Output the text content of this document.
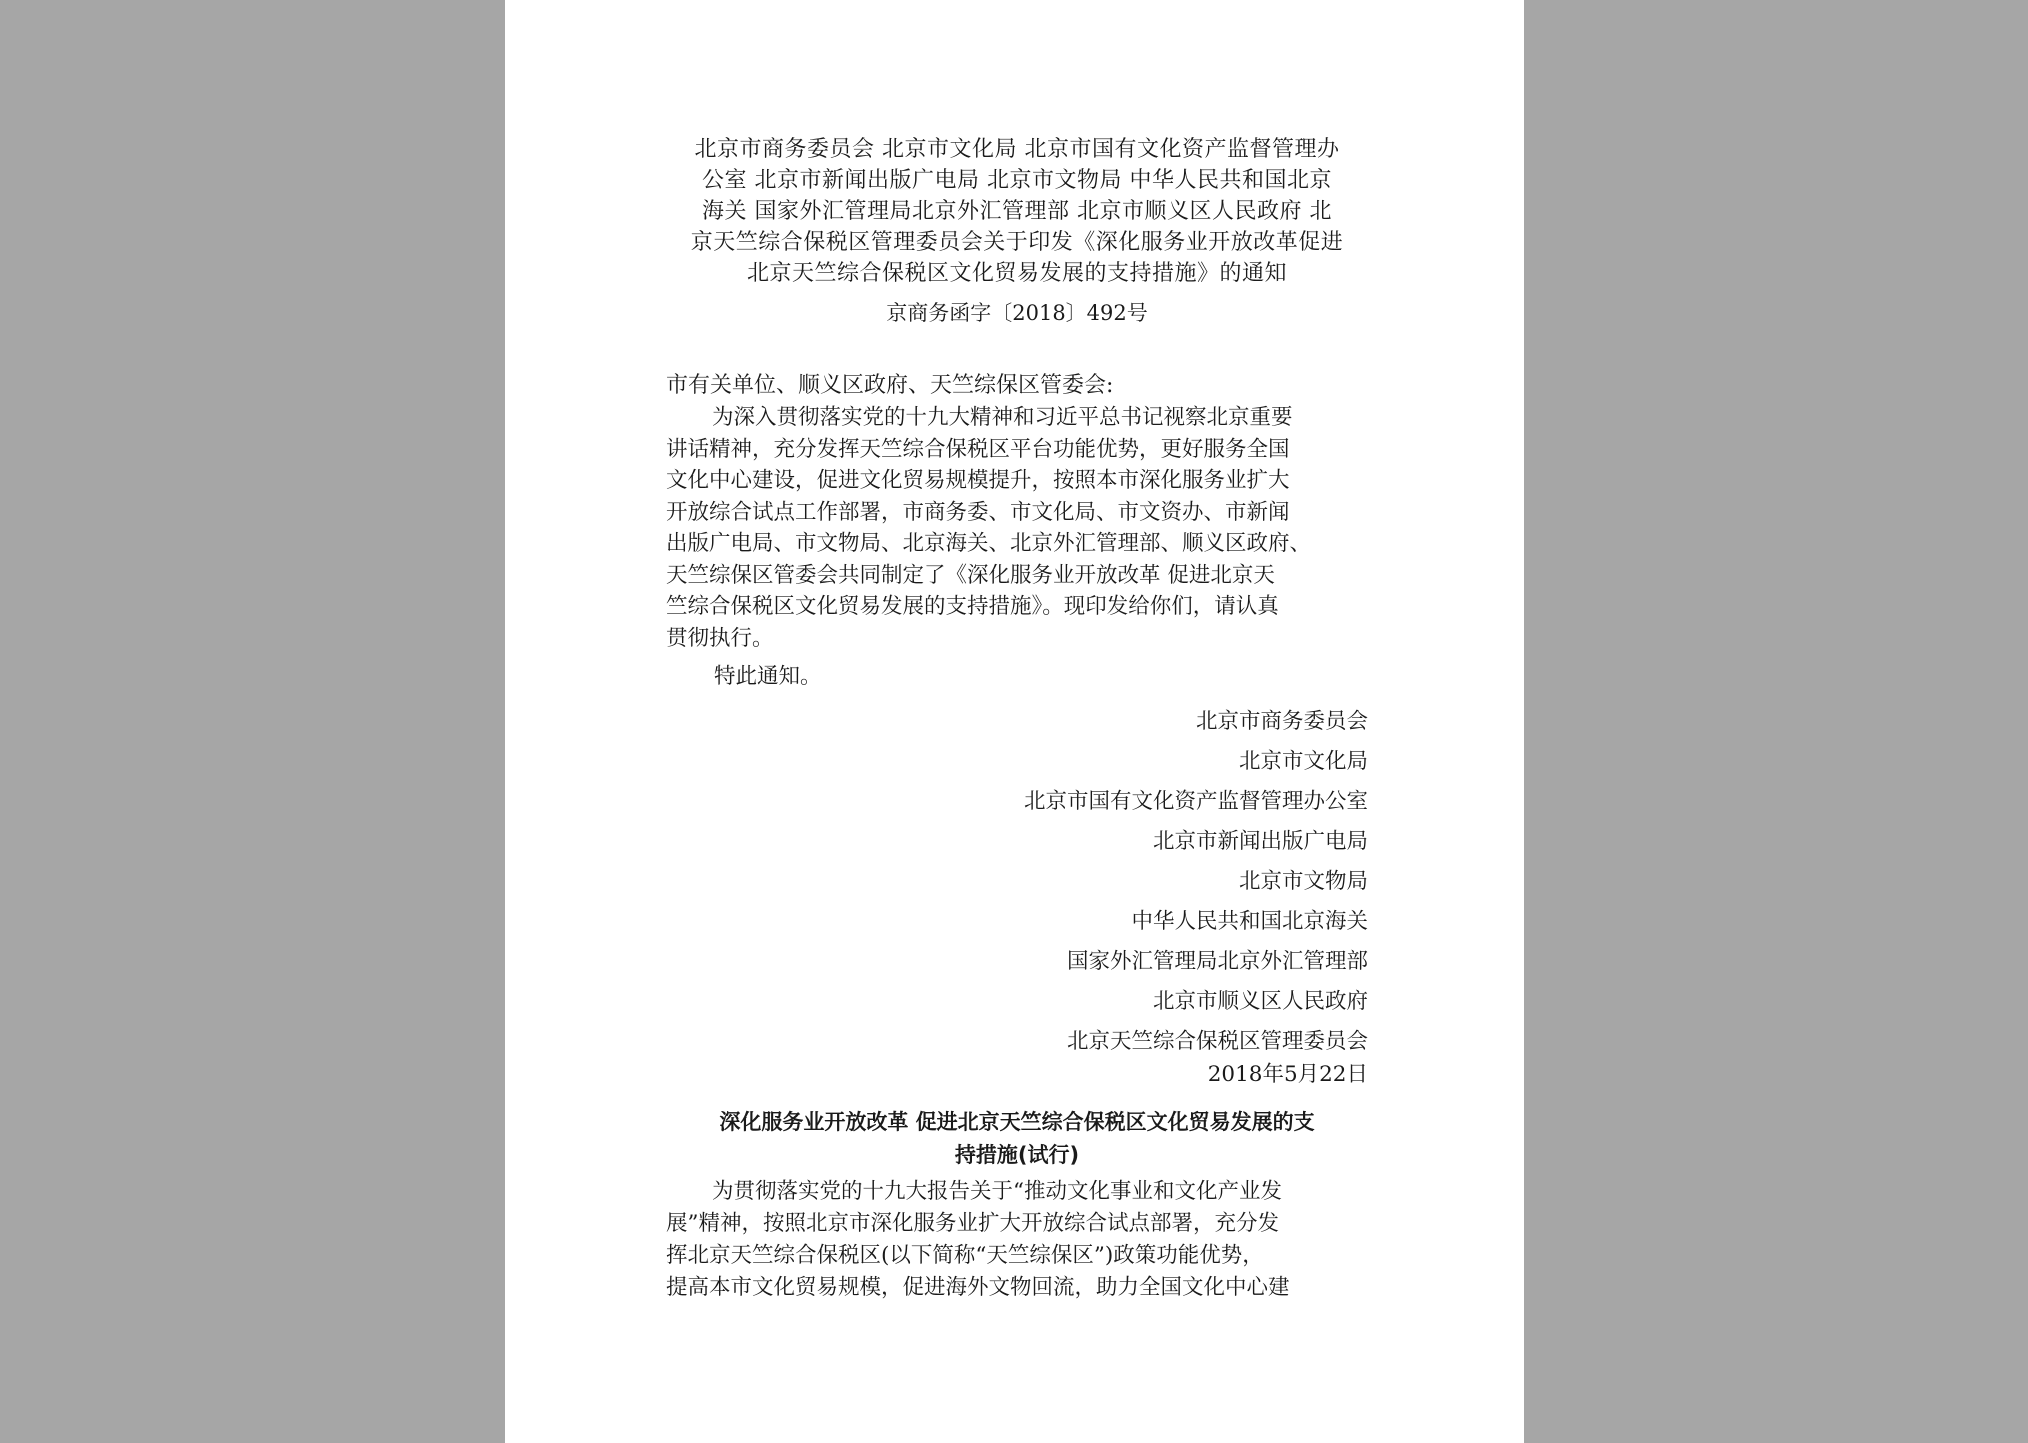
北京市商务委员会 北京市文化局 北京市国有文化资产监督管理办
公室 北京市新闻出版广电局 北京市文物局 中华人民共和国北京
海关 国家外汇管理局北京外汇管理部 北京市顺义区人民政府 北
京天竺综合保税区管理委员会关于印发《深化服务业开放改革促进
北京天竺综合保税区文化贸易发展的支持措施》的通知
京商务函字〔2018〕492号
市有关单位、顺义区政府、天竺综保区管委会:
为深入贯彻落实党的十九大精神和习近平总书记视察北京重要
讲话精神，充分发挥天竺综合保税区平台功能优势，更好服务全国
文化中心建设，促进文化贸易规模提升，按照本市深化服务业扩大
开放综合试点工作部署，市商务委、市文化局、市文资办、市新闻
出版广电局、市文物局、北京海关、北京外汇管理部、顺义区政府、
天竺综保区管委会共同制定了《深化服务业开放改革 促进北京天
竺综合保税区文化贸易发展的支持措施》。现印发给你们，请认真
贯彻执行。
特此通知。
北京市商务委员会
北京市文化局
北京市国有文化资产监督管理办公室
北京市新闻出版广电局
北京市文物局
中华人民共和国北京海关
国家外汇管理局北京外汇管理部
北京市顺义区人民政府
北京天竺综合保税区管理委员会
2018年5月22日
深化服务业开放改革 促进北京天竺综合保税区文化贸易发展的支
持措施(试行)
为贯彻落实党的十九大报告关于“推动文化事业和文化产业发
展”精神，按照北京市深化服务业扩大开放综合试点部署，充分发
挥北京天竺综合保税区(以下简称“天竺综保区”)政策功能优势，
提高本市文化贸易规模，促进海外文物回流，助力全国文化中心建
